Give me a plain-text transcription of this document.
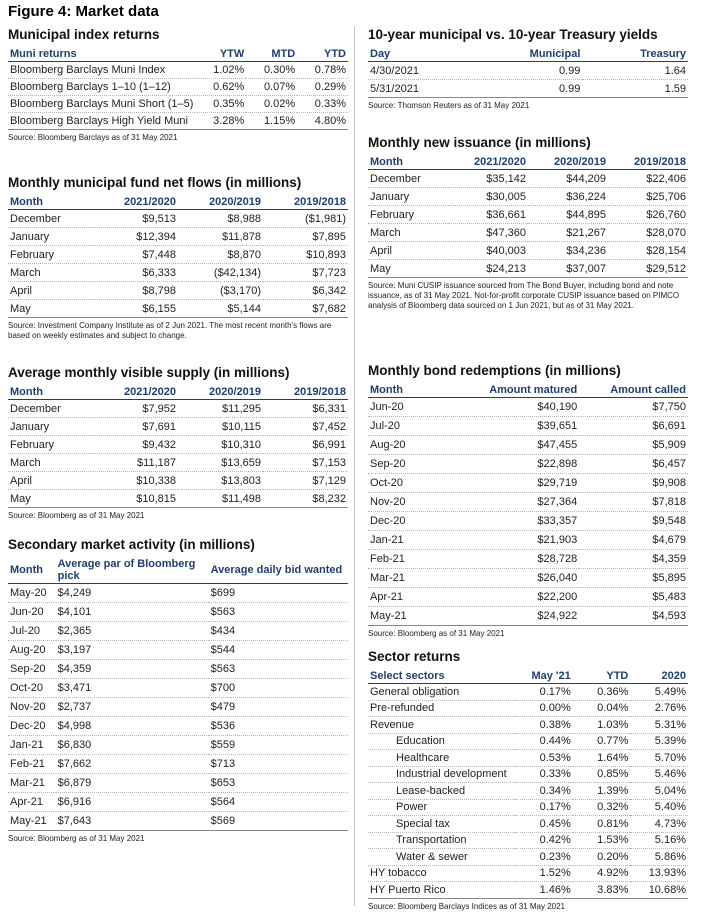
Figure 4: Market data
Municipal index returns
Muni returns	YTW	MTD	YTD
Bloomberg Barclays Muni Index	1.02%	0.30%	0.78%
Bloomberg Barclays 1–10 (1–12)	0.62%	0.07%	0.29%
Bloomberg Barclays Muni Short (1–5)	0.35%	0.02%	0.33%
Bloomberg Barclays High Yield Muni	3.28%	1.15%	4.80%
Source: Bloomberg Barclays as of 31 May 2021
Monthly municipal fund net flows (in millions)
Month	2021/2020	2020/2019	2019/2018
December	$9,513	$8,988	($1,981)
January	$12,394	$11,878	$7,895
February	$7,448	$8,870	$10,893
March	$6,333	($42,134)	$7,723
April	$8,798	($3,170)	$6,342
May	$6,155	$5,144	$7,682
Source: Investment Company Institute as of 2 Jun 2021. The most recent month's flows are based on weekly estimates and subject to change.
Average monthly visible supply (in millions)
Month	2021/2020	2020/2019	2019/2018
December	$7,952	$11,295	$6,331
January	$7,691	$10,115	$7,452
February	$9,432	$10,310	$6,991
March	$11,187	$13,659	$7,153
April	$10,338	$13,803	$7,129
May	$10,815	$11,498	$8,232
Source: Bloomberg as of 31 May 2021
Secondary market activity (in millions)
Month	Average par of Bloomberg pick	Average daily bid wanted
May-20	$4,249	$699
Jun-20	$4,101	$563
Jul-20	$2,365	$434
Aug-20	$3,197	$544
Sep-20	$4,359	$563
Oct-20	$3,471	$700
Nov-20	$2,737	$479
Dec-20	$4,998	$536
Jan-21	$6,830	$559
Feb-21	$7,662	$713
Mar-21	$6,879	$653
Apr-21	$6,916	$564
May-21	$7,643	$569
Source: Bloomberg as of 31 May 2021
10-year municipal vs. 10-year Treasury yields
Day	Municipal	Treasury
4/30/2021	0.99	1.64
5/31/2021	0.99	1.59
Source: Thomson Reuters as of 31 May 2021
Monthly new issuance (in millions)
Month	2021/2020	2020/2019	2019/2018
December	$35,142	$44,209	$22,406
January	$30,005	$36,224	$25,706
February	$36,661	$44,895	$26,760
March	$47,360	$21,267	$28,070
April	$40,003	$34,236	$28,154
May	$24,213	$37,007	$29,512
Source: Muni CUSIP issuance sourced from The Bond Buyer, including bond and note issuance, as of 31 May 2021. Not-for-profit corporate CUSIP issuance based on PIMCO analysis of Bloomberg data sourced on 1 Jun 2021, but as of 31 May 2021.
Monthly bond redemptions (in millions)
Month	Amount matured	Amount called
Jun-20	$40,190	$7,750
Jul-20	$39,651	$6,691
Aug-20	$47,455	$5,909
Sep-20	$22,898	$6,457
Oct-20	$29,719	$9,908
Nov-20	$27,364	$7,818
Dec-20	$33,357	$9,548
Jan-21	$21,903	$4,679
Feb-21	$28,728	$4,359
Mar-21	$26,040	$5,895
Apr-21	$22,200	$5,483
May-21	$24,922	$4,593
Source: Bloomberg as of 31 May 2021
Sector returns
Select sectors	May '21	YTD	2020
General obligation	0.17%	0.36%	5.49%
Pre-refunded	0.00%	0.04%	2.76%
Revenue	0.38%	1.03%	5.31%
Education	0.44%	0.77%	5.39%
Healthcare	0.53%	1.64%	5.70%
Industrial development	0.33%	0.85%	5.46%
Lease-backed	0.34%	1.39%	5.04%
Power	0.17%	0.32%	5.40%
Special tax	0.45%	0.81%	4.73%
Transportation	0.42%	1.53%	5.16%
Water & sewer	0.23%	0.20%	5.86%
HY tobacco	1.52%	4.92%	13.93%
HY Puerto Rico	1.46%	3.83%	10.68%
Source: Bloomberg Barclays Indices as of 31 May 2021
